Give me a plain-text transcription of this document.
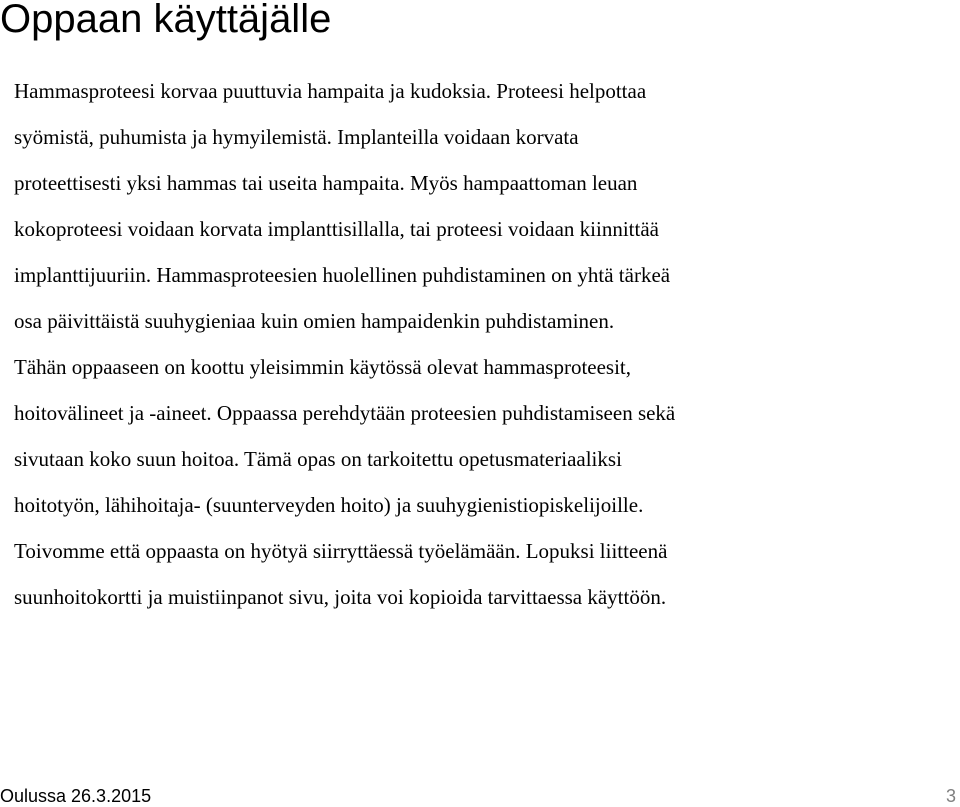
Oppaan käyttäjälle
Hammasproteesi korvaa puuttuvia hampaita ja kudoksia. Proteesi helpottaa
syömistä, puhumista ja hymyilemistä. Implanteilla voidaan korvata
proteettisesti yksi hammas tai useita hampaita. Myös hampaattoman leuan
kokoproteesi voidaan korvata implanttisillalla, tai proteesi voidaan kiinnittää
implanttijuuriin. Hammasproteesien huolellinen puhdistaminen on yhtä tärkeä
osa päivittäistä suuhygieniaa kuin omien hampaidenkin puhdistaminen.
Tähän oppaaseen on koottu yleisimmin käytössä olevat hammasproteesit,
hoitovälineet ja -aineet. Oppaassa perehdytään proteesien puhdistamiseen sekä
sivutaan koko suun hoitoa. Tämä opas on tarkoitettu opetusmateriaaliksi
hoitotyön, lähihoitaja- (suunterveyden hoito) ja suuhygienistiopiskelijoille.
Toivomme että oppaasta on hyötyä siirryttäessä työelämään. Lopuksi liitteenä
suunhoitokortti ja muistiinpanot sivu, joita voi kopioida tarvittaessa käyttöön.
Oulussa 26.3.2015	3
